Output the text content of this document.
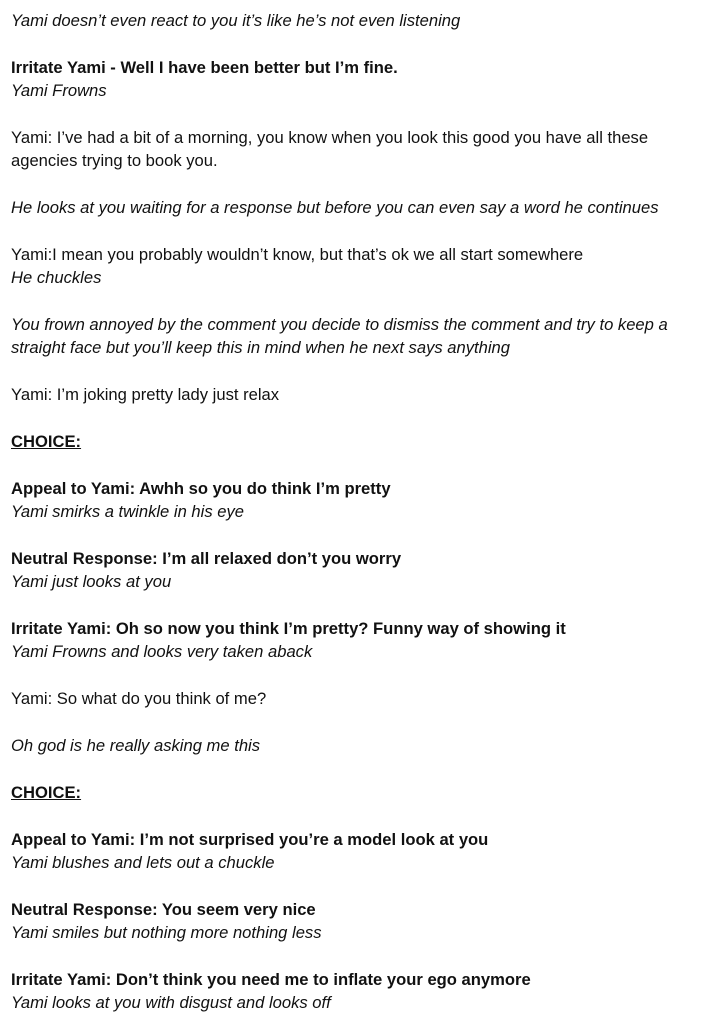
Yami doesn’t even react to you it’s like he’s not even listening
Irritate Yami - Well I have been better but I’m fine.
Yami Frowns
Yami: I’ve had a bit of a morning, you know when you look this good you have all these agencies trying to book you.
He looks at you waiting for a response but before you can even say a word he continues
Yami:I mean you probably wouldn’t know, but that’s ok we all start somewhere
He chuckles
You frown annoyed by the comment you decide to dismiss the comment and try to keep a straight face but you’ll keep this in mind when he next says anything
Yami: I’m joking pretty lady just relax
CHOICE:
Appeal to Yami: Awhh so you do think I’m pretty
Yami smirks a twinkle in his eye
Neutral Response: I’m all relaxed don’t you worry
Yami just looks at you
Irritate Yami: Oh so now you think I’m pretty? Funny way of showing it
Yami Frowns and looks very taken aback
Yami: So what do you think of me?
Oh god is he really asking me this
CHOICE:
Appeal to Yami: I’m not surprised you’re a model look at you
Yami blushes and lets out a chuckle
Neutral Response: You seem very nice
Yami smiles but nothing more nothing less
Irritate Yami: Don’t think you need me to inflate your ego anymore
Yami looks at you with disgust and looks off
